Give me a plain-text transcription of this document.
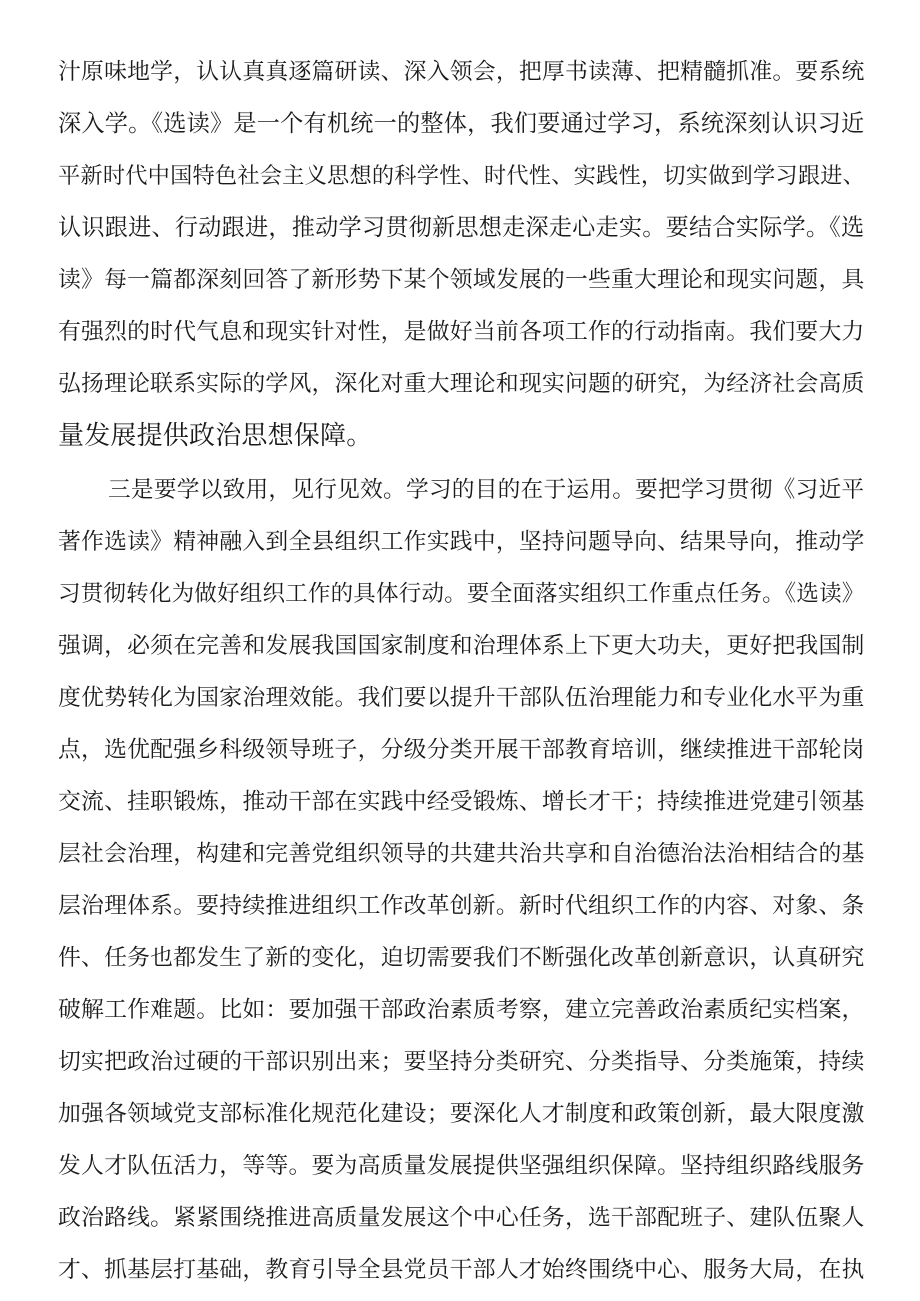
汁原味地学，认认真真逐篇研读、深入领会，把厚书读薄、把精髓抓准。要系统
深入学。《选读》是一个有机统一的整体，我们要通过学习，系统深刻认识习近
平新时代中国特色社会主义思想的科学性、时代性、实践性，切实做到学习跟进、
认识跟进、行动跟进，推动学习贯彻新思想走深走心走实。要结合实际学。《选
读》每一篇都深刻回答了新形势下某个领域发展的一些重大理论和现实问题，具
有强烈的时代气息和现实针对性，是做好当前各项工作的行动指南。我们要大力
弘扬理论联系实际的学风，深化对重大理论和现实问题的研究，为经济社会高质
量发展提供政治思想保障。
三是要学以致用，见行见效。学习的目的在于运用。要把学习贯彻《习近平
著作选读》精神融入到全县组织工作实践中，坚持问题导向、结果导向，推动学
习贯彻转化为做好组织工作的具体行动。要全面落实组织工作重点任务。《选读》
强调，必须在完善和发展我国国家制度和治理体系上下更大功夫，更好把我国制
度优势转化为国家治理效能。我们要以提升干部队伍治理能力和专业化水平为重
点，选优配强乡科级领导班子，分级分类开展干部教育培训，继续推进干部轮岗
交流、挂职锻炼，推动干部在实践中经受锻炼、增长才干；持续推进党建引领基
层社会治理，构建和完善党组织领导的共建共治共享和自治德治法治相结合的基
层治理体系。要持续推进组织工作改革创新。新时代组织工作的内容、对象、条
件、任务也都发生了新的变化，迫切需要我们不断强化改革创新意识，认真研究
破解工作难题。比如：要加强干部政治素质考察，建立完善政治素质纪实档案，
切实把政治过硬的干部识别出来；要坚持分类研究、分类指导、分类施策，持续
加强各领域党支部标准化规范化建设；要深化人才制度和政策创新，最大限度激
发人才队伍活力，等等。要为高质量发展提供坚强组织保障。坚持组织路线服务
政治路线。紧紧围绕推进高质量发展这个中心任务，选干部配班子、建队伍聚人
才、抓基层打基础，教育引导全县党员干部人才始终围绕中心、服务大局，在执
